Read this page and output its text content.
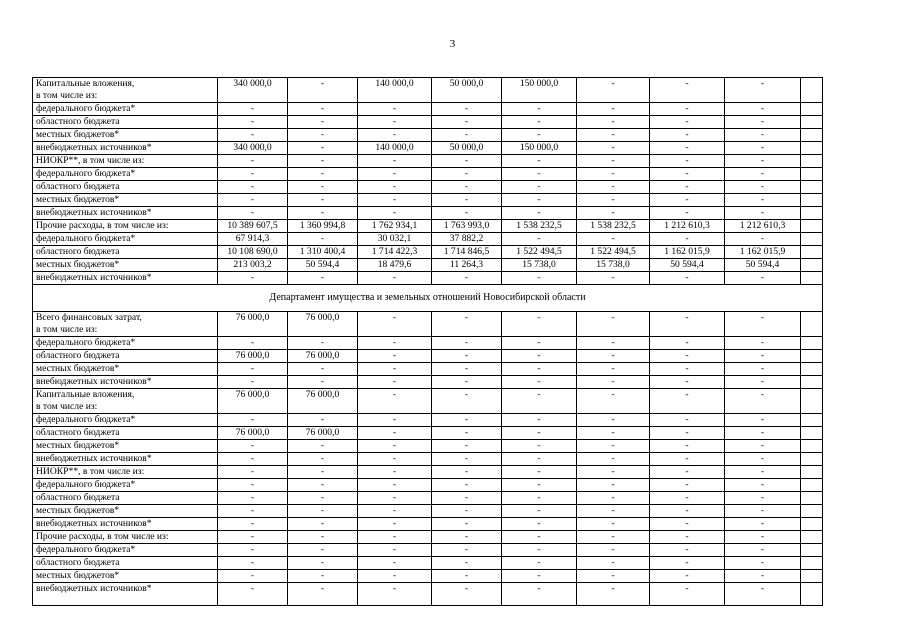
3
Капитальные вложения,
в том числе из:	340 000,0	-	140 000,0	50 000,0	150 000,0	-	-	-	
федерального бюджета*	-	-	-	-	-	-	-	-	
областного бюджета	-	-	-	-	-	-	-	-	
местных бюджетов*	-	-	-	-	-	-	-	-	
внебюджетных источников*	340 000,0	-	140 000,0	50 000,0	150 000,0	-	-	-	
НИОКР**, в том числе из:	-	-	-	-	-	-	-	-	
федерального бюджета*	-	-	-	-	-	-	-	-	
областного бюджета	-	-	-	-	-	-	-	-	
местных бюджетов*	-	-	-	-	-	-	-	-	
внебюджетных источников*	-	-	-	-	-	-	-	-	
Прочие расходы, в том числе из:	10 389 607,5	1 360 994,8	1 762 934,1	1 763 993,0	1 538 232,5	1 538 232,5	1 212 610,3	1 212 610,3	
федерального бюджета*	67 914,3	-	30 032,1	37 882,2	-	-	-	-	
областного бюджета	10 108 690,0	1 310 400,4	1 714 422,3	1 714 846,5	1 522 494,5	1 522 494,5	1 162 015,9	1 162 015,9	
местных бюджетов*	213 003,2	50 594,4	18 479,6	11 264,3	15 738,0	15 738,0	50 594,4	50 594,4	
внебюджетных источников*	-	-	-	-	-	-	-	-	
Департамент имущества и земельных отношений Новосибирской области									
Всего финансовых затрат,
в том числе из:	76 000,0	76 000,0	-	-	-	-	-	-	
федерального бюджета*	-	-	-	-	-	-	-	-	
областного бюджета	76 000,0	76 000,0	-	-	-	-	-	-	
местных бюджетов*	-	-	-	-	-	-	-	-	
внебюджетных источников*	-	-	-	-	-	-	-	-	
Капитальные вложения,
в том числе из:	76 000,0	76 000,0	-	-	-	-	-	-	
федерального бюджета*	-	-	-	-	-	-	-	-	
областного бюджета	76 000,0	76 000,0	-	-	-	-	-	-	
местных бюджетов*	-	-	-	-	-	-	-	-	
внебюджетных источников*	-	-	-	-	-	-	-	-	
НИОКР**, в том числе из:	-	-	-	-	-	-	-	-	
федерального бюджета*	-	-	-	-	-	-	-	-	
областного бюджета	-	-	-	-	-	-	-	-	
местных бюджетов*	-	-	-	-	-	-	-	-	
внебюджетных источников*	-	-	-	-	-	-	-	-	
Прочие расходы, в том числе из:	-	-	-	-	-	-	-	-	
федерального бюджета*	-	-	-	-	-	-	-	-	
областного бюджета	-	-	-	-	-	-	-	-	
местных бюджетов*	-	-	-	-	-	-	-	-	
внебюджетных источников*	-	-	-	-	-	-	-	-	
